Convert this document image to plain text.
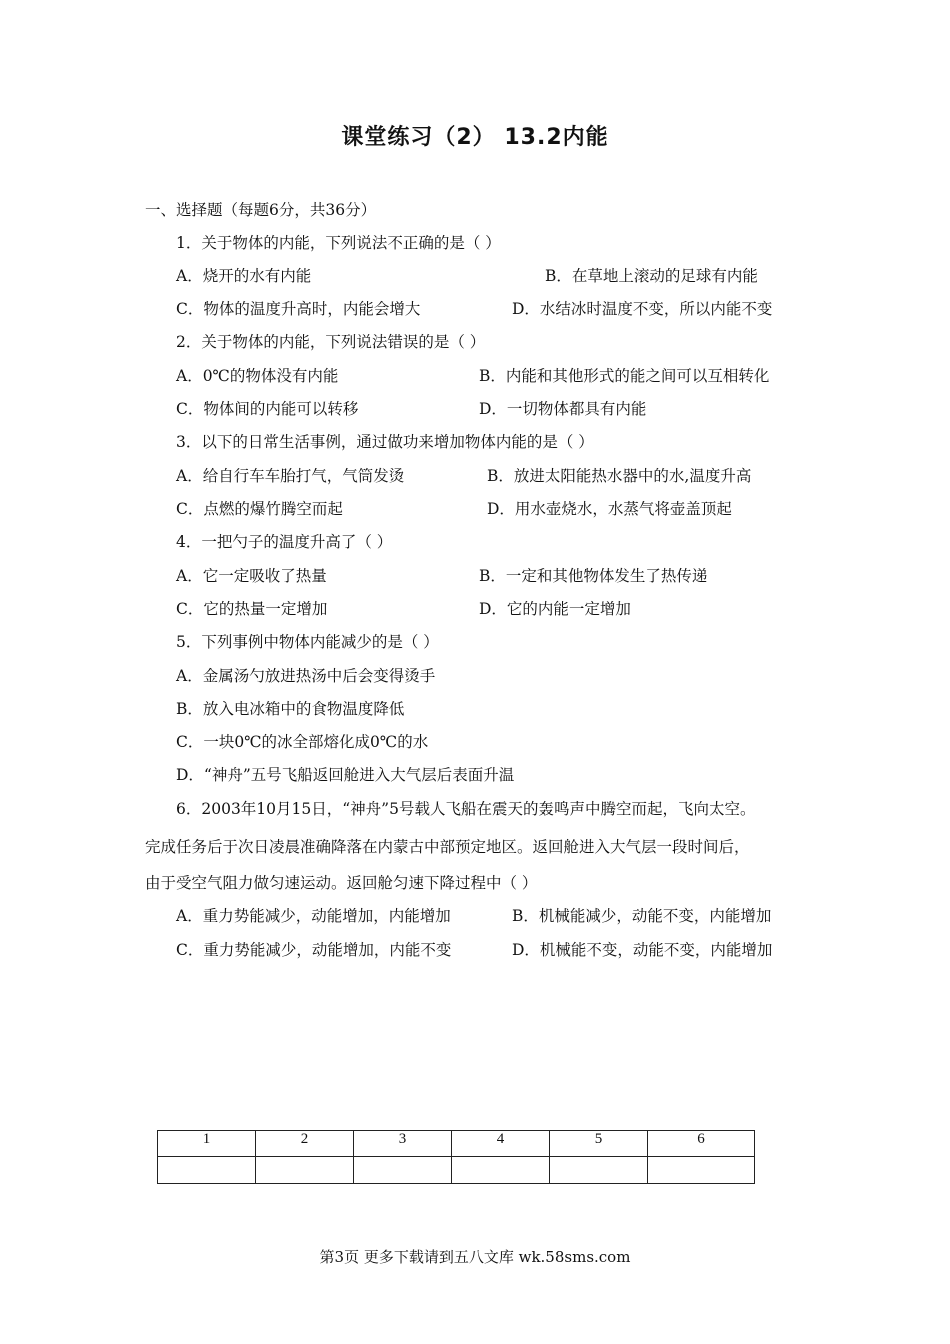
课堂练习（2） 13.2内能
一、选择题（每题6分，共36分）
1．关于物体的内能，下列说法不正确的是（ ）
A．烧开的水有内能	B．在草地上滚动的足球有内能
C．物体的温度升高时，内能会增大	D．水结冰时温度不变，所以内能不变
2．关于物体的内能，下列说法错误的是（ ）
A．0℃的物体没有内能	B．内能和其他形式的能之间可以互相转化
C．物体间的内能可以转移	D．一切物体都具有内能
3．以下的日常生活事例，通过做功来增加物体内能的是（ ）
A．给自行车车胎打气，气筒发烫	B．放进太阳能热水器中的水,温度升高
C．点燃的爆竹腾空而起	D．用水壶烧水，水蒸气将壶盖顶起
4．一把勺子的温度升高了（ ）
A．它一定吸收了热量	B．一定和其他物体发生了热传递
C．它的热量一定增加	D．它的内能一定增加
5．下列事例中物体内能减少的是（ ）
A．金属汤勺放进热汤中后会变得烫手
B．放入电冰箱中的食物温度降低
C．一块0℃的冰全部熔化成0℃的水
D．“神舟”五号飞船返回舱进入大气层后表面升温
6．2003年10月15日，“神舟”5号载人飞船在震天的轰鸣声中腾空而起，飞向太空。
完成任务后于次日凌晨准确降落在内蒙古中部预定地区。返回舱进入大气层一段时间后，
由于受空气阻力做匀速运动。返回舱匀速下降过程中（ ）
A．重力势能减少，动能增加，内能增加	B．机械能减少，动能不变，内能增加
C．重力势能减少，动能增加，内能不变	D．机械能不变，动能不变，内能增加
1	2	3	4	5	6

第3页 更多下载请到五八文库 wk.58sms.com
